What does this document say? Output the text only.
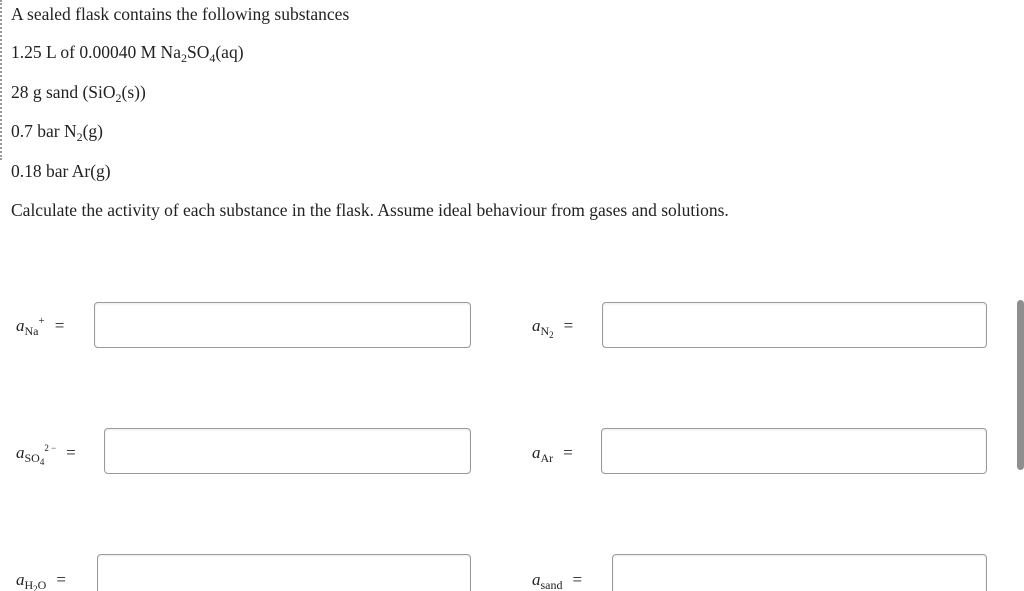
A sealed flask contains the following substances
1.25 L of 0.00040 M $Na_2SO_4(aq)$
28 g sand (SiO$_2$(s))
0.7 bar $N_2(g)$
0.18 bar Ar(g)
Calculate the activity of each substance in the flask. Assume ideal behaviour from gases and solutions.
$a_{Na}^+$ =	$a_{N_2}$ =
$a_{SO_4}^{2 -}$ =	$a_{Ar}$ =
$a_{H_2O}$ =	$a_{sand}$ =
